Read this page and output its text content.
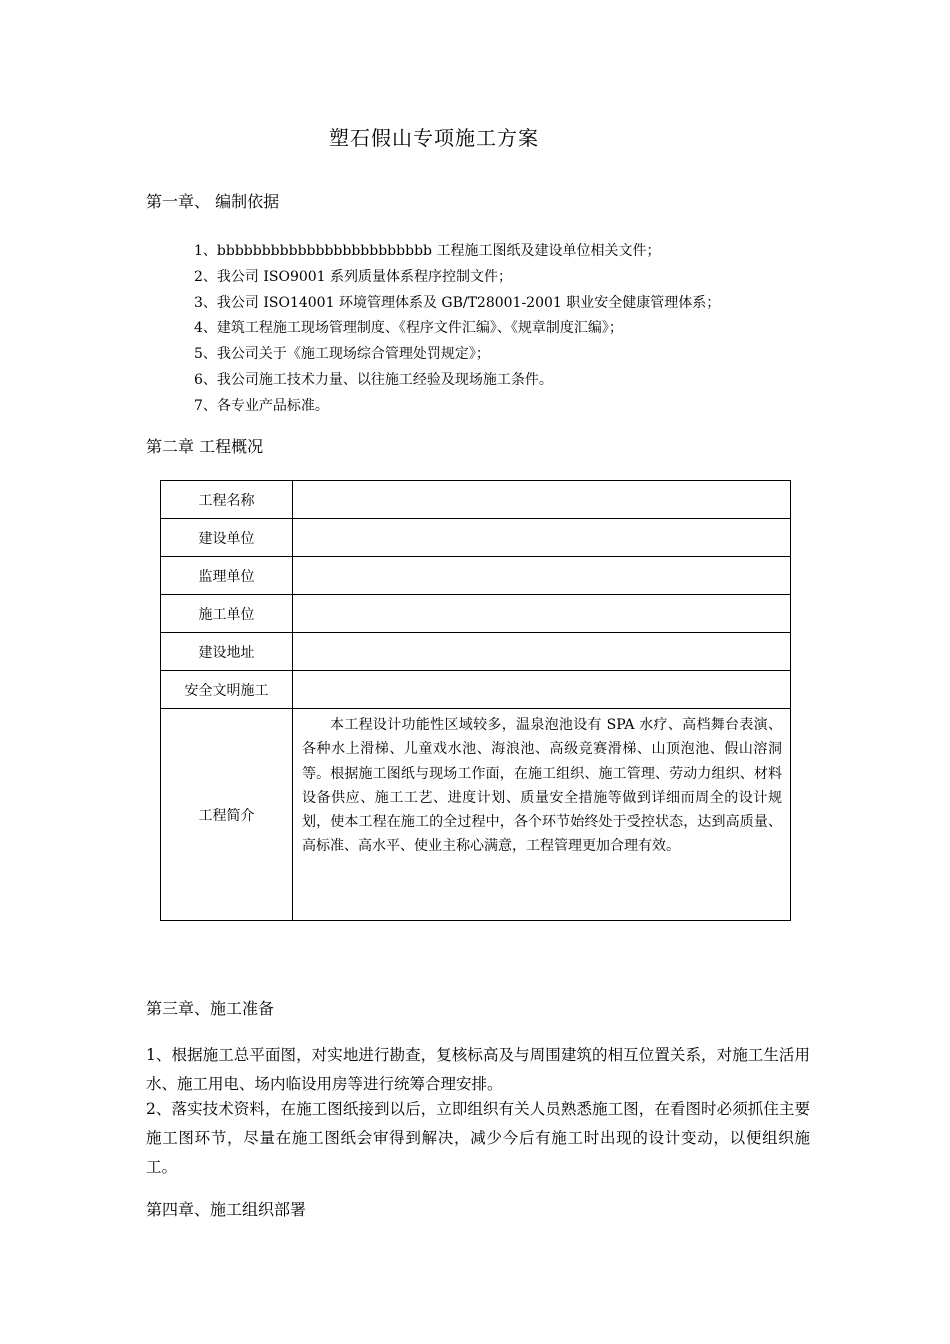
塑石假山专项施工方案
第一章、 编制依据
1、bbbbbbbbbbbbbbbbbbbbbbbb 工程施工图纸及建设单位相关文件；
2、我公司 ISO9001 系列质量体系程序控制文件；
3、我公司 ISO14001 环境管理体系及 GB/T28001-2001 职业安全健康管理体系；
4、建筑工程施工现场管理制度、《程序文件汇编》、《规章制度汇编》；
5、我公司关于《施工现场综合管理处罚规定》；
6、我公司施工技术力量、以往施工经验及现场施工条件。
7、各专业产品标准。
第二章 工程概况
工程名称	
建设单位	
监理单位	
施工单位	
建设地址	
安全文明施工	
工程简介	本工程设计功能性区域较多，温泉泡池设有 SPA 水疗、高档舞台表演、各种水上滑梯、儿童戏水池、海浪池、高级竞赛滑梯、山顶泡池、假山溶洞等。根据施工图纸与现场工作面，在施工组织、施工管理、劳动力组织、材料设备供应、施工工艺、进度计划、质量安全措施等做到详细而周全的设计规划，使本工程在施工的全过程中，各个环节始终处于受控状态，达到高质量、高标准、高水平、使业主称心满意，工程管理更加合理有效。
第三章、施工准备

1、根据施工总平面图，对实地进行勘查，复核标高及与周围建筑的相互位置关系，对施工生活用水、施工用电、场内临设用房等进行统筹合理安排。

2、落实技术资料，在施工图纸接到以后，立即组织有关人员熟悉施工图，在看图时必须抓住主要施工图环节，尽量在施工图纸会审得到解决，减少今后有施工时出现的设计变动，以便组织施工。

第四章、施工组织部署
